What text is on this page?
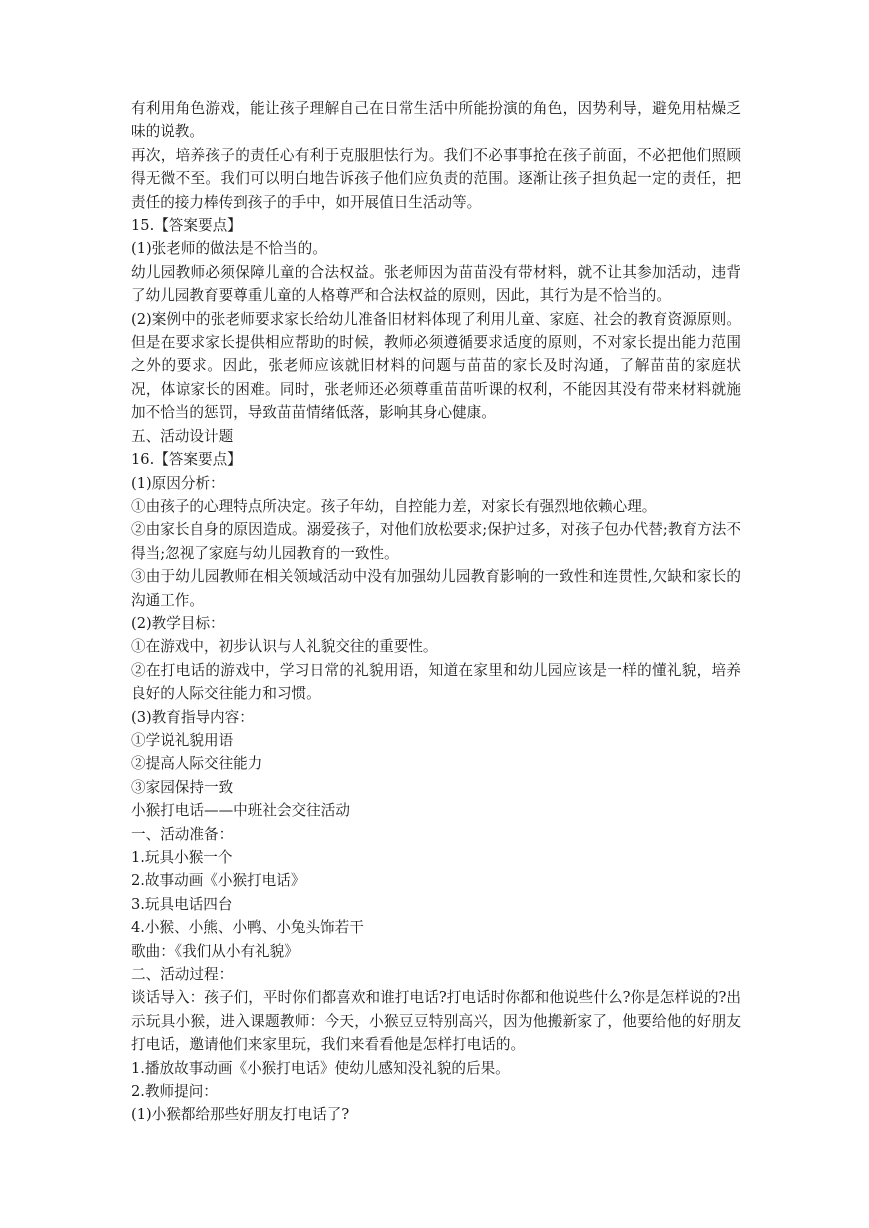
有利用角色游戏，能让孩子理解自己在日常生活中所能扮演的角色，因势利导，避免用枯燥乏味的说教。

再次，培养孩子的责任心有利于克服胆怯行为。我们不必事事抢在孩子前面，不必把他们照顾得无微不至。我们可以明白地告诉孩子他们应负责的范围。逐渐让孩子担负起一定的责任，把责任的接力棒传到孩子的手中，如开展值日生活动等。

15.【答案要点】

(1)张老师的做法是不恰当的。

幼儿园教师必须保障儿童的合法权益。张老师因为苗苗没有带材料，就不让其参加活动，违背了幼儿园教育要尊重儿童的人格尊严和合法权益的原则，因此，其行为是不恰当的。

(2)案例中的张老师要求家长给幼儿准备旧材料体现了利用儿童、家庭、社会的教育资源原则。但是在要求家长提供相应帮助的时候，教师必须遵循要求适度的原则，不对家长提出能力范围之外的要求。因此，张老师应该就旧材料的问题与苗苗的家长及时沟通，了解苗苗的家庭状况，体谅家长的困难。同时，张老师还必须尊重苗苗听课的权利，不能因其没有带来材料就施加不恰当的惩罚，导致苗苗情绪低落，影响其身心健康。

五、活动设计题

16.【答案要点】

(1)原因分析：

①由孩子的心理特点所决定。孩子年幼，自控能力差，对家长有强烈地依赖心理。

②由家长自身的原因造成。溺爱孩子，对他们放松要求;保护过多，对孩子包办代替;教育方法不得当;忽视了家庭与幼儿园教育的一致性。

③由于幼儿园教师在相关领域活动中没有加强幼儿园教育影响的一致性和连贯性,欠缺和家长的沟通工作。

(2)教学目标：

①在游戏中，初步认识与人礼貌交往的重要性。

②在打电话的游戏中，学习日常的礼貌用语，知道在家里和幼儿园应该是一样的懂礼貌，培养良好的人际交往能力和习惯。

(3)教育指导内容：

①学说礼貌用语

②提高人际交往能力

③家园保持一致

小猴打电话——中班社会交往活动

一、活动准备：

1.玩具小猴一个

2.故事动画《小猴打电话》

3.玩具电话四台

4.小猴、小熊、小鸭、小兔头饰若干

歌曲：《我们从小有礼貌》

二、活动过程：

谈话导入：孩子们，平时你们都喜欢和谁打电话?打电话时你都和他说些什么?你是怎样说的?出示玩具小猴，进入课题教师：今天，小猴豆豆特别高兴，因为他搬新家了，他要给他的好朋友打电话，邀请他们来家里玩，我们来看看他是怎样打电话的。

1.播放故事动画《小猴打电话》使幼儿感知没礼貌的后果。

2.教师提问：

(1)小猴都给那些好朋友打电话了?
